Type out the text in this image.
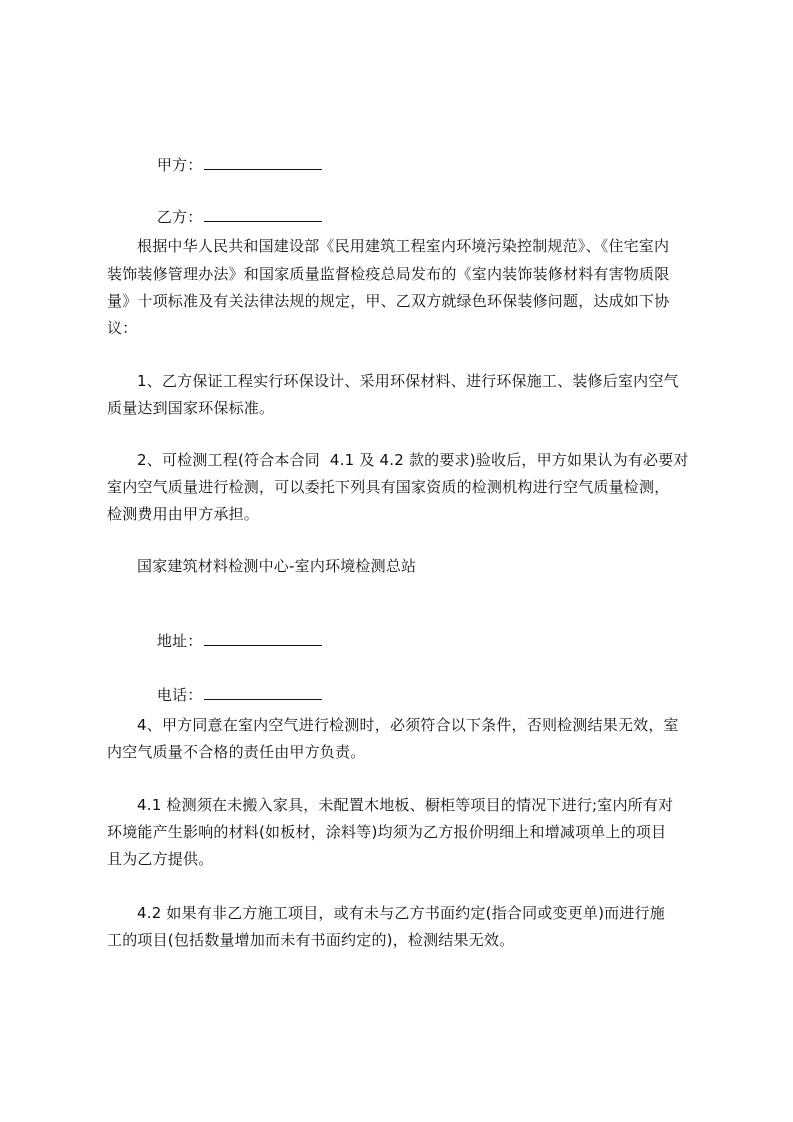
甲方：

乙方：

根据中华人民共和国建设部《民用建筑工程室内环境污染控制规范》、《住宅室内
装饰装修管理办法》和国家质量监督检疫总局发布的《室内装饰装修材料有害物质限
量》十项标准及有关法律法规的规定，甲、乙双方就绿色环保装修问题，达成如下协
议：
1、乙方保证工程实行环保设计、采用环保材料、进行环保施工、装修后室内空气
质量达到国家环保标准。
2、可检测工程(符合本合同  4.1 及 4.2 款的要求)验收后，甲方如果认为有必要对
室内空气质量进行检测，可以委托下列具有国家资质的检测机构进行空气质量检测，
检测费用由甲方承担。
国家建筑材料检测中心-室内环境检测总站

地址：

电话：

4、甲方同意在室内空气进行检测时，必须符合以下条件，否则检测结果无效，室
内空气质量不合格的责任由甲方负责。
4.1 检测须在未搬入家具，未配置木地板、橱柜等项目的情况下进行;室内所有对
环境能产生影响的材料(如板材，涂料等)均须为乙方报价明细上和增减项单上的项目
且为乙方提供。
4.2 如果有非乙方施工项目，或有未与乙方书面约定(指合同或变更单)而进行施
工的项目(包括数量增加而未有书面约定的)，检测结果无效。
